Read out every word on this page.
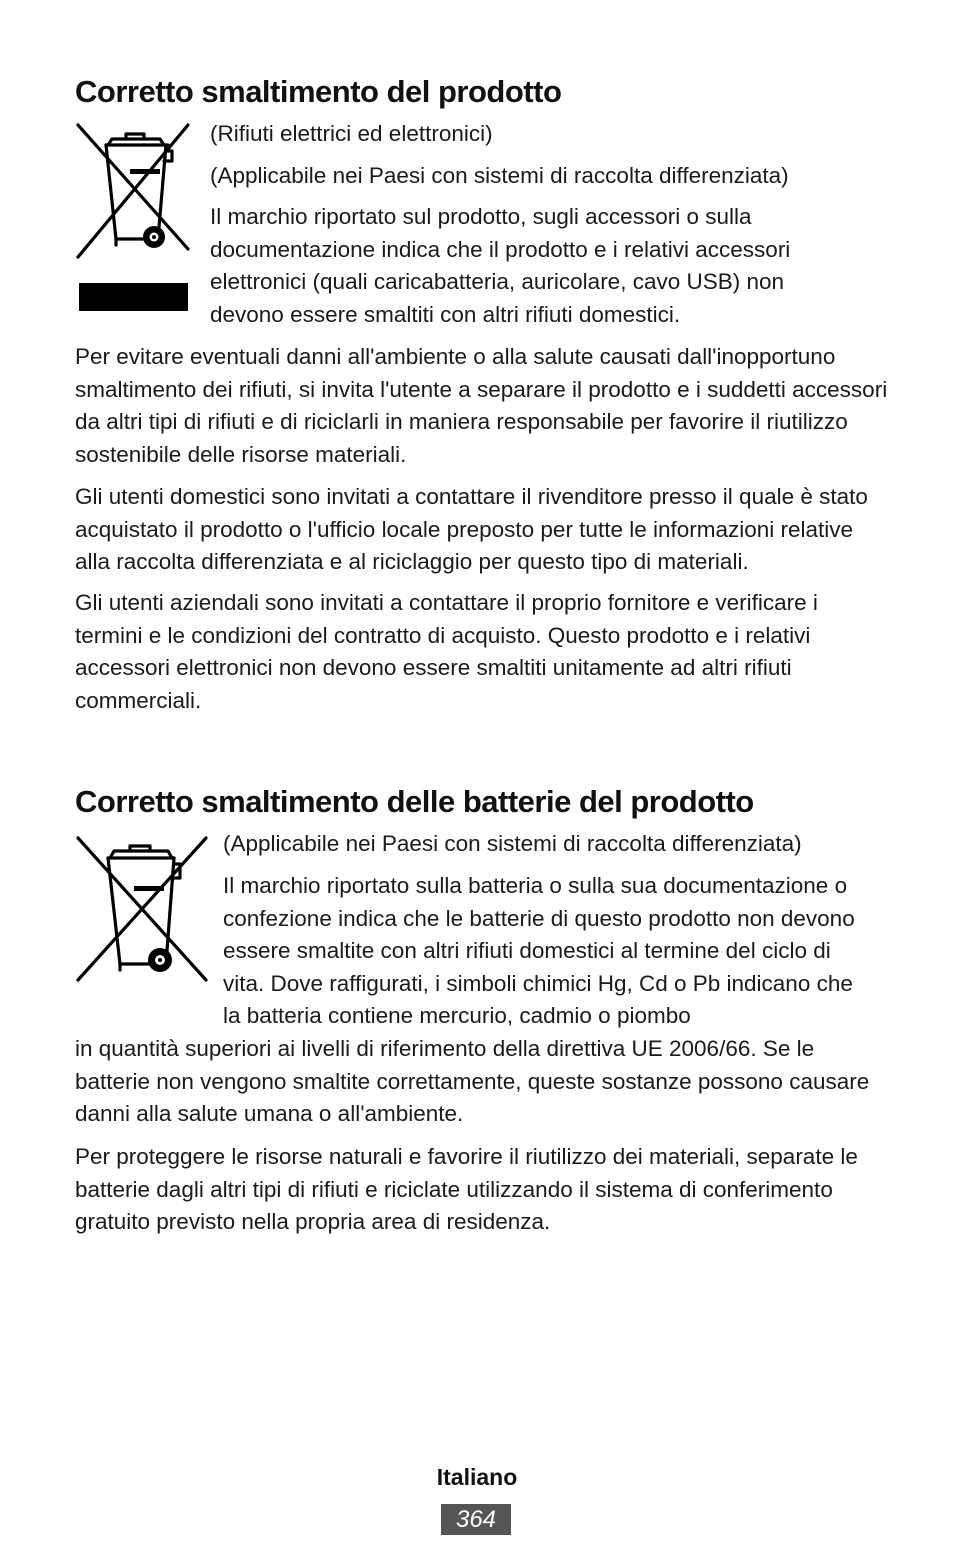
Corretto smaltimento del prodotto

(Rifiuti elettrici ed elettronici)

(Applicabile nei Paesi con sistemi di raccolta differenziata)

Il marchio riportato sul prodotto, sugli accessori o sulla documentazione indica che il prodotto e i relativi accessori elettronici (quali caricabatteria, auricolare, cavo USB) non devono essere smaltiti con altri rifiuti domestici.

Per evitare eventuali danni all'ambiente o alla salute causati dall'inopportuno smaltimento dei rifiuti, si invita l'utente a separare il prodotto e i suddetti accessori da altri tipi di rifiuti e di riciclarli in maniera responsabile per favorire il riutilizzo sostenibile delle risorse materiali.

Gli utenti domestici sono invitati a contattare il rivenditore presso il quale è stato acquistato il prodotto o l'ufficio locale preposto per tutte le informazioni relative alla raccolta differenziata e al riciclaggio per questo tipo di materiali.

Gli utenti aziendali sono invitati a contattare il proprio fornitore e verificare i termini e le condizioni del contratto di acquisto. Questo prodotto e i relativi accessori elettronici non devono essere smaltiti unitamente ad altri rifiuti commerciali.

Corretto smaltimento delle batterie del prodotto

(Applicabile nei Paesi con sistemi di raccolta differenziata)

Il marchio riportato sulla batteria o sulla sua documentazione o confezione indica che le batterie di questo prodotto non devono essere smaltite con altri rifiuti domestici al termine del ciclo di vita. Dove raffigurati, i simboli chimici Hg, Cd o Pb indicano che la batteria contiene mercurio, cadmio o piombo

in quantità superiori ai livelli di riferimento della direttiva UE 2006/66. Se le batterie non vengono smaltite correttamente, queste sostanze possono causare danni alla salute umana o all'ambiente.

Per proteggere le risorse naturali e favorire il riutilizzo dei materiali, separate le batterie dagli altri tipi di rifiuti e riciclate utilizzando il sistema di conferimento gratuito previsto nella propria area di residenza.

Italiano
364
